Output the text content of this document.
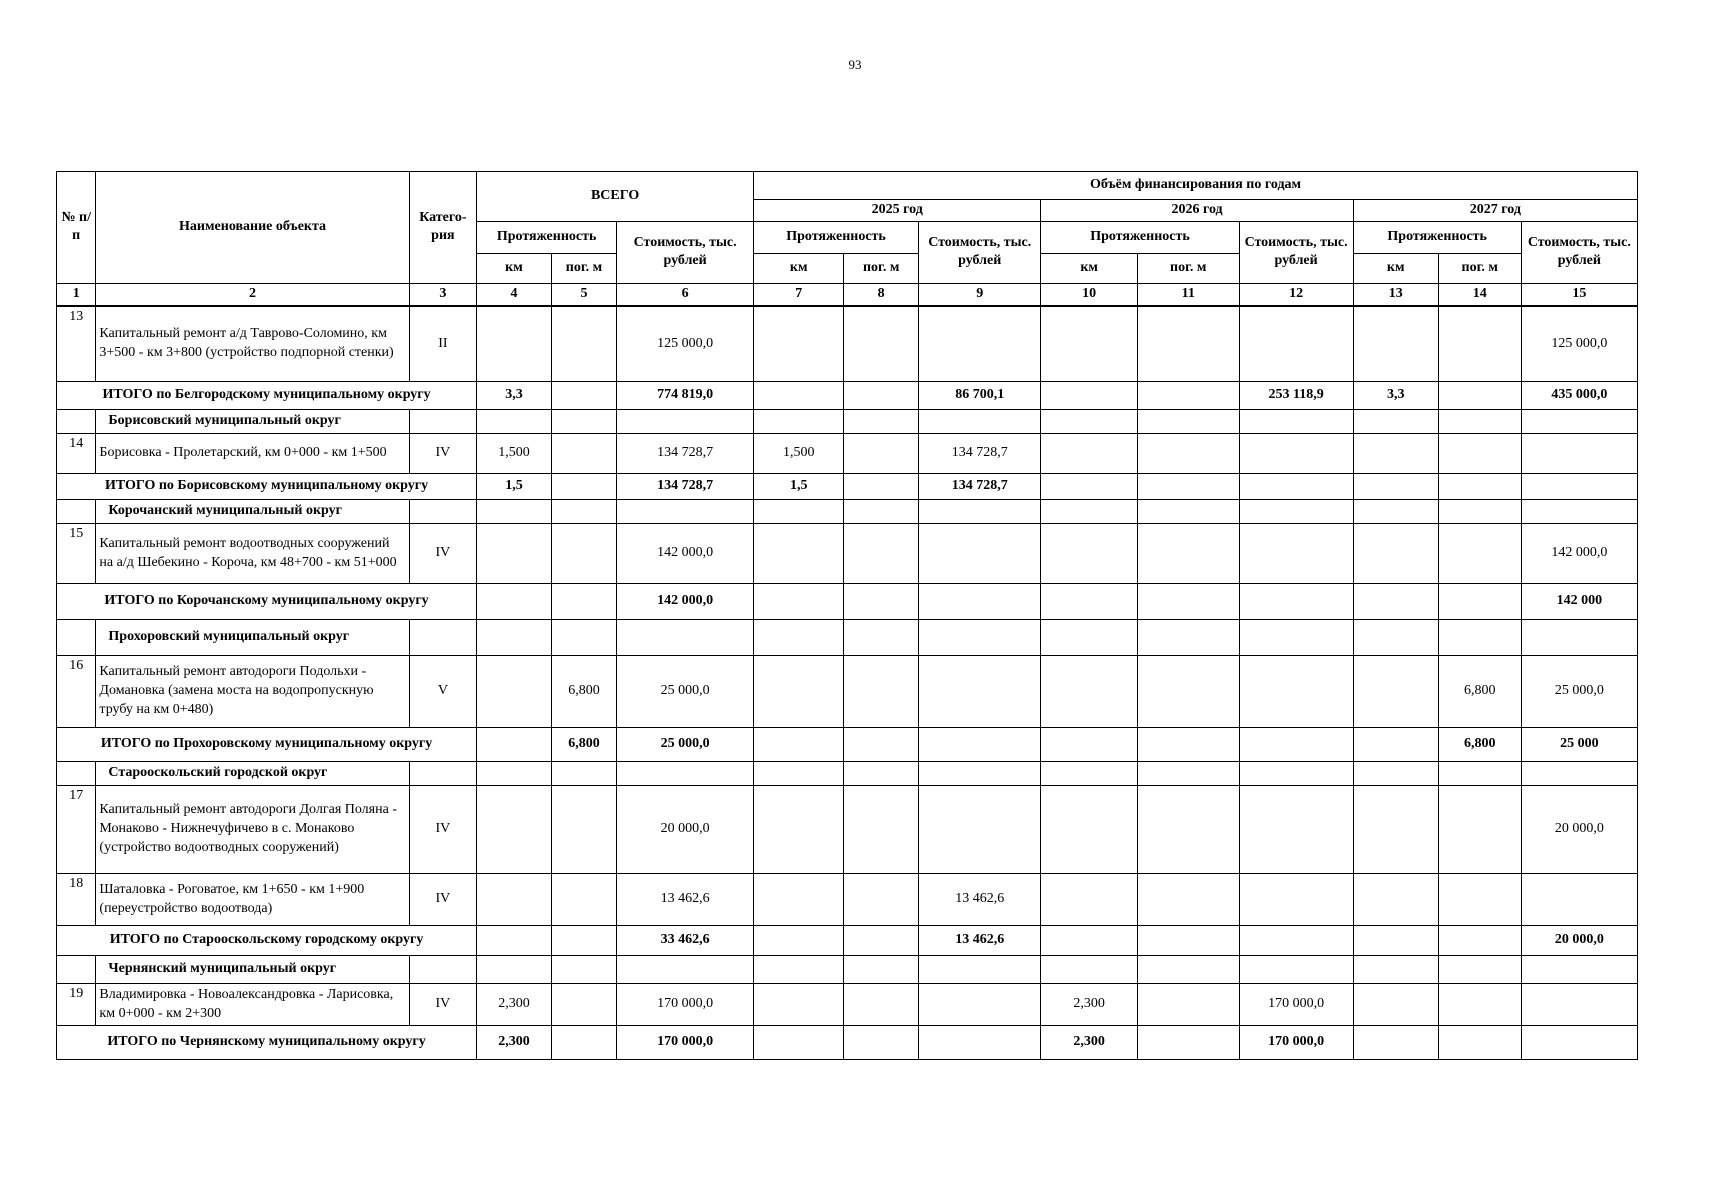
93
№ п/п	Наименование объекта	Катего-рия	ВСЕГО			Объём финансирования по годам								
						2025 год			2026 год			2027 год		
			Протяженность		Стоимость, тыс. рублей	Протяженность		Стоимость, тыс. рублей	Протяженность		Стоимость, тыс. рублей	Протяженность		Стоимость, тыс. рублей
			км	пог. м		км	пог. м		км	пог. м		км	пог. м	
1	2	3	4	5	6	7	8	9	10	11	12	13	14	15
13	Капитальный ремонт а/д Таврово-Соломино, км 3+500 - км 3+800 (устройство подпорной стенки)	II			125 000,0									125 000,0
ИТОГО по Белгородскому муниципальному округу			3,3		774 819,0			86 700,1			253 118,9	3,3		435 000,0
	Борисовский муниципальный округ													
14	Борисовка - Пролетарский, км 0+000 - км 1+500	IV	1,500		134 728,7	1,500		134 728,7						
ИТОГО по Борисовскому муниципальному округу			1,5		134 728,7	1,5		134 728,7						
	Корочанский муниципальный округ													
15	Капитальный ремонт водоотводных сооружений на а/д Шебекино - Короча, км 48+700 - км 51+000	IV			142 000,0									142 000,0
ИТОГО по Корочанскому муниципальному округу					142 000,0									142 000
	Прохоровский муниципальный округ													
16	Капитальный ремонт автодороги Подольхи - Домановка (замена моста на водопропускную трубу на км 0+480)	V		6,800	25 000,0								6,800	25 000,0
ИТОГО по Прохоровскому муниципальному округу				6,800	25 000,0								6,800	25 000
	Старооскольский городской округ													
17	Капитальный ремонт автодороги Долгая Поляна - Монаково - Нижнечуфичево в с. Монаково (устройство водоотводных сооружений)	IV			20 000,0									20 000,0
18	Шаталовка - Роговатое, км 1+650 - км 1+900 (переустройство водоотвода)	IV			13 462,6			13 462,6						
ИТОГО по Старооскольскому городскому округу					33 462,6			13 462,6						20 000,0
	Чернянский муниципальный округ													
19	Владимировка - Новоалександровка - Ларисовка, км 0+000 - км 2+300	IV	2,300		170 000,0				2,300		170 000,0			
ИТОГО по Чернянскому муниципальному округу			2,300		170 000,0				2,300		170 000,0			
